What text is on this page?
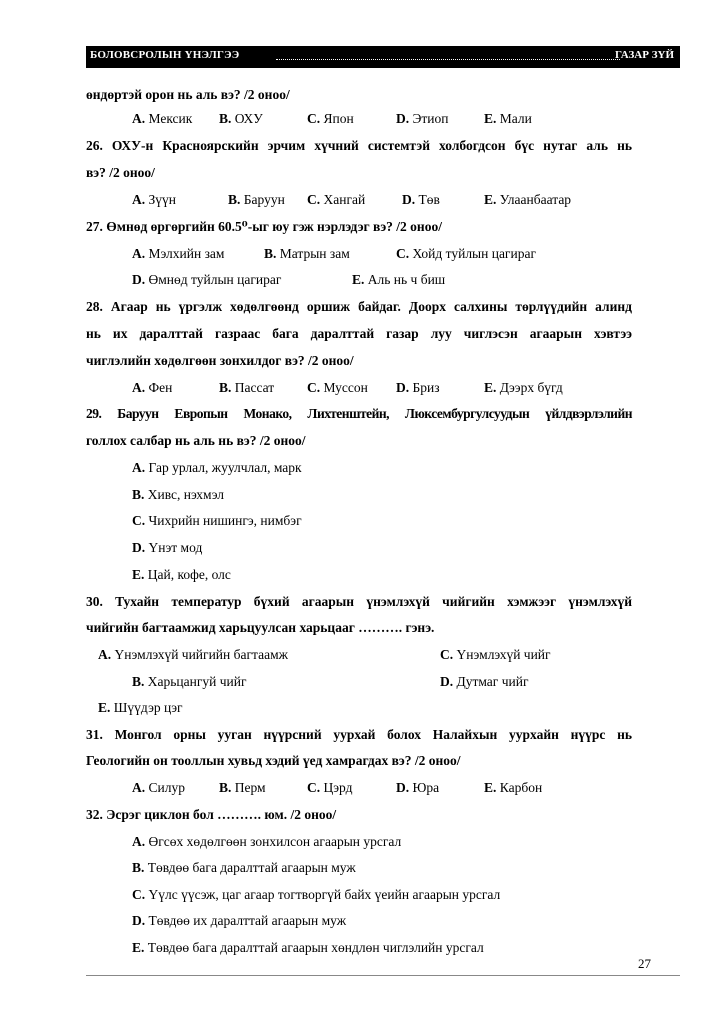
БОЛОВСРОЛЫН ҮНЭЛГЭЭ	ГАЗАР ЗҮЙ
өндөртэй орон нь аль вэ? /2 оноо/
A. Мексик B. ОХУ	C. Япон	D. Этиоп	E. Мали
26. ОХУ-н Красноярскийн эрчим хүчний системтэй холбогдсон бүс нутаг аль нь
вэ? /2 оноо/
A. Зүүн	B. Баруун C. Хангай	D. Төв	E. Улаанбаатар
27. Өмнөд өргөргийн 60.5⁰-ыг юу гэж нэрлэдэг вэ? /2 оноо/
A. Мэлхийн зам	B. Матрын зам	C. Хойд туйлын цагираг
D. Өмнөд туйлын цагираг	E. Аль нь ч биш
28. Агаар нь үргэлж хөдөлгөөнд оршиж байдаг. Доорх салхины төрлүүдийн алинд
нь их даралттай газраас бага даралттай газар луу чиглэсэн агаарын хэвтээ
чиглэлийн хөдөлгөөн зонхилдог вэ? /2 оноо/
A. Фен	B. Пассат C. Муссон D. Бриз	E. Дээрх бүгд
29. Баруун Европын Монако, Лихтенштейн, Люксембургулсуудын үйлдвэрлэлийн
голлох салбар нь аль нь вэ? /2 оноо/
A. Гар урлал, жуулчлал, марк
B. Хивс, нэхмэл
C. Чихрийн нишингэ, нимбэг
D. Үнэт мод
E. Цай, кофе, олс
30. Тухайн температур бүхий агаарын үнэмлэхүй чийгийн хэмжээг үнэмлэхүй
чийгийн багтаамжид харьцуулсан харьцааг ………. гэнэ.
A. Үнэмлэхүй чийгийн багтаамж	C. Үнэмлэхүй чийг
B. Харьцангуй чийг	D. Дутмаг чийг
E. Шүүдэр цэг
31. Монгол орны ууган нүүрсний уурхай болох Налайхын уурхайн нүүрс нь
Геологийн он тооллын хувьд хэдий үед хамрагдах вэ? /2 оноо/
A. Силур	B. Перм	C. Цэрд	D. Юра	E. Карбон
32. Эсрэг циклон бол ………. юм. /2 оноо/
A. Өгсөх хөдөлгөөн зонхилсон агаарын урсгал
B. Төвдөө бага даралттай агаарын муж
C. Үүлс үүсэж, цаг агаар тогтворгүй байх үеийн агаарын урсгал
D. Төвдөө их даралттай агаарын муж
E. Төвдөө бага даралттай агаарын хөндлөн чиглэлийн урсгал
27
